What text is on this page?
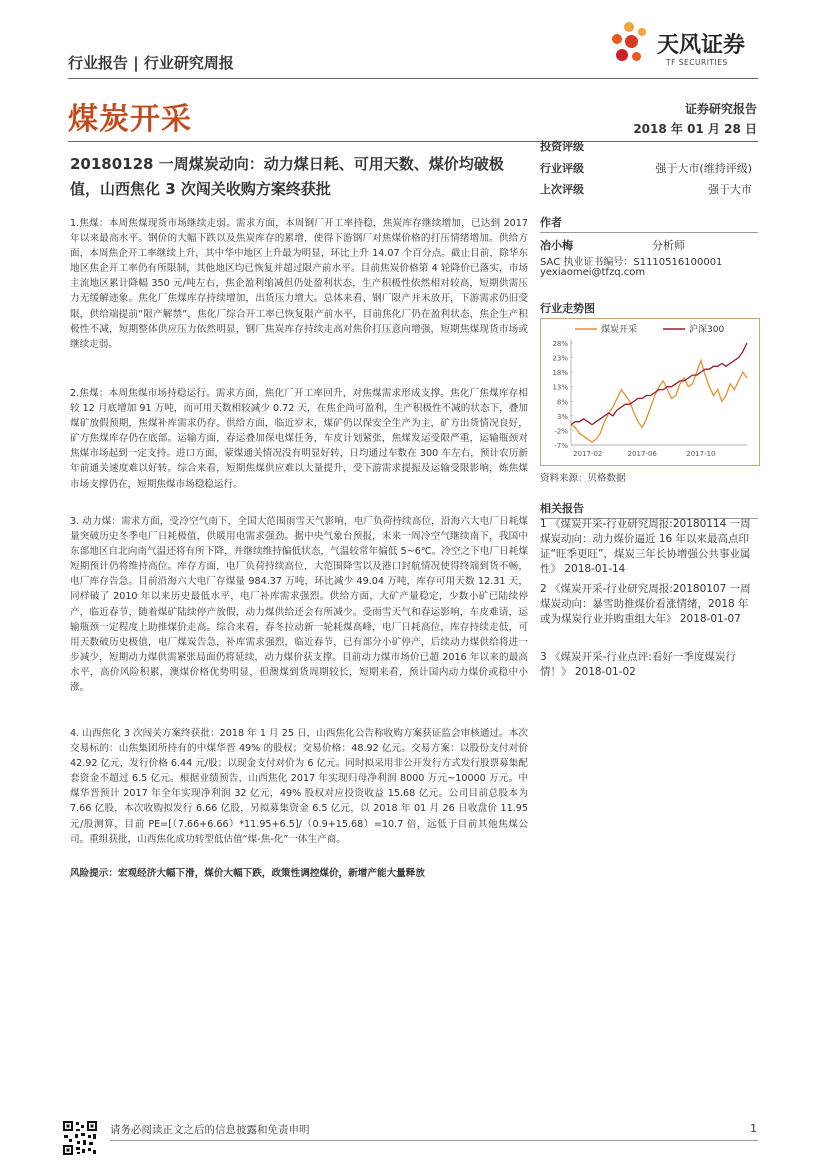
天风证券
TF SECURITIES
行业报告 | 行业研究周报
煤炭开采	证券研究报告
2018 年 01 月 28 日
20180128 一周煤炭动向：动力煤日耗、可用天数、煤价均破极值，山西焦化 3 次闯关收购方案终获批
1.焦煤：本周焦煤现货市场继续走弱。需求方面，本周钢厂开工率持稳，焦炭库存继续增加，已达到 2017 年以来最高水平。钢价的大幅下跌以及焦炭库存的累增，使得下游钢厂对焦煤价格的打压情绪增加。供给方面，本周焦企开工率继续上升，其中华中地区上升最为明显，环比上升 14.07 个百分点。截止目前，除华东地区焦企开工率仍有所限制，其他地区均已恢复并超过限产前水平。目前焦炭价格第 4 轮降价已落实，市场主流地区累计降幅 350 元/吨左右，焦企盈利缩减但仍处盈利状态，生产积极性依然相对较高，短期供需压力无缓解迹象。焦化厂焦煤库存持续增加，出货压力增大。总体来看，钢厂限产并未放开，下游需求仍旧受限，供给端提前“限产解禁”，焦化厂综合开工率已恢复限产前水平，目前焦化厂仍在盈利状态，焦企生产积极性不减，短期整体供应压力依然明显，钢厂焦炭库存持续走高对焦价打压意向增强，短期焦煤现货市场或继续走弱。
2.焦煤：本周焦煤市场持稳运行。需求方面，焦化厂开工率回升，对焦煤需求形成支撑。焦化厂焦煤库存相较 12 月底增加 91 万吨，而可用天数相较减少 0.72 天，在焦企尚可盈利，生产积极性不减的状态下，叠加煤矿放假预期，焦煤补库需求仍存。供给方面，临近岁末，煤矿仍以保安全生产为主，矿方出货情况良好，矿方焦煤库存仍在底部。运输方面，春运叠加保电煤任务，车皮计划紧张，焦煤发运受限严重，运输瓶颈对焦煤市场起到一定支持。进口方面，蒙煤通关情况没有明显好转，日均通过车数在 300 车左右，预计农历新年前通关速度难以好转。综合来看，短期焦煤供应难以大量提升，受下游需求提振及运输受限影响，炼焦煤市场支撑仍在，短期焦煤市场稳稳运行。
3. 动力煤：需求方面，受冷空气南下，全国大范围雨雪天气影响，电厂负荷持续高位，沿海六大电厂日耗煤量突破历史冬季电厂日耗极值，供暖用电需求强劲。据中央气象台预报，未来一周冷空气继续南下，我国中东部地区自北向南气温还将有所下降，并继续维持偏低状态，气温较常年偏低 5~6℃。冷空之下电厂日耗煤短期预计仍将维持高位。库存方面，电厂负荷持续高位，大范围降雪以及港口封航情况使得终端到货不畅，电厂库存告急。目前沿海六大电厂存煤量 984.37 万吨，环比减少 49.04 万吨，库存可用天数 12.31 天，同样破了 2010 年以来历史最低水平，电厂补库需求强烈。供给方面，大矿产量稳定，少数小矿已陆续停产，临近春节，随着煤矿陆续停产放假，动力煤供给还会有所减少。受雨雪天气和春运影响，车皮难请，运输瓶颈一定程度上助推煤价走高。综合来看，春冬拉动新一轮耗煤高峰，电厂日耗高位，库存持续走低，可用天数破历史极值，电厂煤炭告急，补库需求强烈，临近春节，已有部分小矿停产，后续动力煤供给将进一步减少，短期动力煤供需紧张局面仍将延续，动力煤价获支撑。目前动力煤市场价已超 2016 年以来的最高水平，高价风险积累，澳煤价格优势明显，但澳煤到货周期较长，短期来看，预计国内动力煤价或稳中小涨。
4. 山西焦化 3 次闯关方案终获批：2018 年 1 月 25 日，山西焦化公告称收购方案获证监会审核通过。本次交易标的：山焦集团所持有的中煤华晋 49% 的股权；交易价格：48.92 亿元。交易方案：以股份支付对价 42.92 亿元，发行价格 6.44 元/股；以现金支付对价为 6 亿元。同时拟采用非公开发行方式发行股票募集配套资金不超过 6.5 亿元。根据业绩预告，山西焦化 2017 年实现归母净利润 8000 万元~10000 万元。中煤华晋预计 2017 年全年实现净利润 32 亿元，49% 股权对应投资收益 15.68 亿元。公司目前总股本为 7.66 亿股，本次收购拟发行 6.66 亿股，另拟募集资金 6.5 亿元，以 2018 年 01 月 26 日收盘价 11.95 元/股测算，目前 PE=[（7.66+6.66）*11.95+6.5]/（0.9+15.68）=10.7 倍，远低于目前其他焦煤公司。重组获批，山西焦化成功转型低估值“煤-焦-化”一体生产商。
风险提示：宏观经济大幅下滑，煤价大幅下跌，政策性调控煤价，新增产能大量释放
投资评级
行业评级	强于大市(维持评级)
上次评级	强于大市
作者
冶小梅	分析师
SAC 执业证书编号：S1110516100001
yexiaomei@tfzq.com
行业走势图
煤炭开采	沪深300
28%
23%
18%
13%
8%
3%
-2%
-7%
2017-02	2017-06	2017-10
资料来源：贝格数据
相关报告
1 《煤炭开采-行业研究周报:20180114 一周煤炭动向：动力煤价逼近 16 年以来最高点印证“旺季更旺”，煤炭三年长协增强公共事业属性》 2018-01-14
2 《煤炭开采-行业研究周报:20180107 一周煤炭动向：暴雪助推煤价看涨情绪，2018 年或为煤炭行业并购重组大年》 2018-01-07
3 《煤炭开采-行业点评:看好一季度煤炭行情！》 2018-01-02
请务必阅读正文之后的信息披露和免责申明	1
